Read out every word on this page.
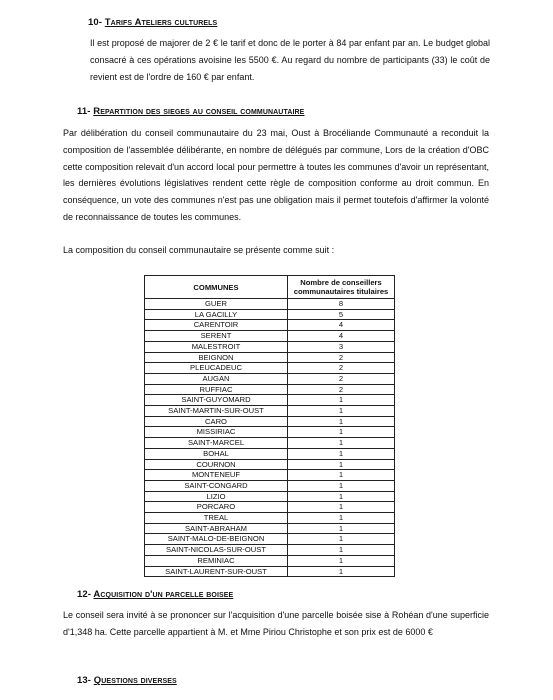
10- Tarifs Ateliers culturels
Il est proposé de majorer de 2 € le tarif et donc de le porter à 84 par enfant par an. Le budget global consacré à ces opérations avoisine les 5500 €. Au regard du nombre de participants (33) le coût de revient est de l'ordre de 160 € par enfant.
11- Repartition des sieges au conseil communautaire
Par délibération du conseil communautaire du 23 mai, Oust à Brocéliande Communauté a reconduit la composition de l'assemblée délibérante, en nombre de délégués par commune, Lors de la création d'OBC cette composition relevait d'un accord local pour permettre à toutes les communes d'avoir un représentant, les dernières évolutions législatives rendent cette règle de composition conforme au droit commun. En conséquence, un vote des communes n'est pas une obligation mais il permet toutefois d'affirmer la volonté de reconnaissance de toutes les communes.
La composition du conseil communautaire se présente comme suit :
COMMUNES	Nombre de conseillers communautaires titulaires
GUER	8
LA GACILLY	5
CARENTOIR	4
SERENT	4
MALESTROIT	3
BEIGNON	2
PLEUCADEUC	2
AUGAN	2
RUFFIAC	2
SAINT-GUYOMARD	1
SAINT-MARTIN-SUR-OUST	1
CARO	1
MISSIRIAC	1
SAINT-MARCEL	1
BOHAL	1
COURNON	1
MONTENEUF	1
SAINT-CONGARD	1
LIZIO	1
PORCARO	1
TREAL	1
SAINT-ABRAHAM	1
SAINT-MALO-DE-BEIGNON	1
SAINT-NICOLAS-SUR-OUST	1
REMINIAC	1
SAINT-LAURENT-SUR-OUST	1
12- Acquisition d'un parcelle boisee
Le conseil sera invité à se prononcer sur l'acquisition d'une parcelle boisée sise à Rohéan d'une superficie d'1,348 ha. Cette parcelle appartient à M. et Mme Piriou Christophe et son prix est de 6000 €
13- Questions diverses
